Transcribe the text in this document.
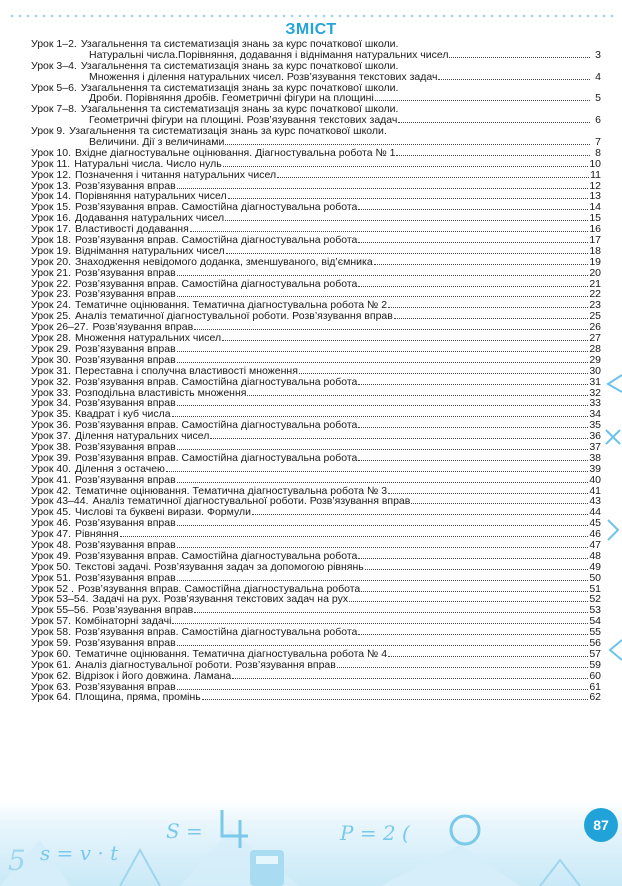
ЗМІСТ
Урок 1–2. Узагальнення та систематизація знань за курс початкової школи.
Натуральні числа.Порівняння, додавання і віднімання натуральних чисел	3
Урок 3–4. Узагальнення та систематизація знань за курс початкової школи.
Множення і ділення натуральних чисел. Розв’язування текстових задач	4
Урок 5–6. Узагальнення та систематизація знань за курс початкової школи.
Дроби. Порівняння дробів. Геометричні фігури на площині	5
Урок 7–8. Узагальнення та систематизація знань за курс початкової школи.
Геометричні фігури на площині. Розв’язування текстових задач	6
Урок 9. Узагальнення та систематизація знань за курс початкової школи.
Величини. Дії з величинами	7
Урок 10. Вхідне діагностувальне оцінювання. Діагностувальна робота № 1	8
Урок 11. Натуральні числа. Число нуль	10
Урок 12. Позначення і читання натуральних чисел	11
Урок 13. Розв’язування вправ	12
Урок 14. Порівняння натуральних чисел	13
Урок 15. Розв’язування вправ. Самостійна діагностувальна робота	14
Урок 16. Додавання натуральних чисел	15
Урок 17. Властивості додавання	16
Урок 18. Розв’язування вправ. Самостійна діагностувальна робота	17
Урок 19. Віднімання натуральних чисел	18
Урок 20. Знаходження невідомого доданка, зменшуваного, від’ємника	19
Урок 21. Розв’язування вправ	20
Урок 22. Розв’язування вправ. Самостійна діагностувальна робота	21
Урок 23. Розв’язування вправ	22
Урок 24. Тематичне оцінювання. Тематична діагностувальна робота № 2	23
Урок 25. Аналіз тематичної діагностувальної роботи. Розв’язування вправ	25
Урок 26–27. Розв’язування вправ	26
Урок 28. Множення натуральних чисел	27
Урок 29. Розв’язування вправ	28
Урок 30. Розв’язування вправ	29
Урок 31. Переставна і сполучна властивості множення	30
Урок 32. Розв’язування вправ. Самостійна діагностувальна робота	31
Урок 33. Розподільна властивість множення	32
Урок 34. Розв’язування вправ	33
Урок 35. Квадрат і куб числа	34
Урок 36. Розв’язування вправ. Самостійна діагностувальна робота	35
Урок 37. Ділення натуральних чисел	36
Урок 38. Розв’язування вправ	37
Урок 39. Розв’язування вправ. Самостійна діагностувальна робота	38
Урок 40. Ділення з остачею	39
Урок 41. Розв’язування вправ	40
Урок 42. Тематичне оцінювання. Тематична діагностувальна робота № 3	41
Урок 43–44. Аналіз тематичної діагностувальної роботи. Розв’язування вправ	43
Урок 45. Числові та буквені вирази. Формули	44
Урок 46. Розв’язування вправ	45
Урок 47. Рівняння	46
Урок 48. Розв’язування вправ	47
Урок 49. Розв’язування вправ. Самостійна діагностувальна робота	48
Урок 50. Текстові задачі. Розв’язування задач за допомогою рівнянь	49
Урок 51. Розв’язування вправ	50
Урок 52 . Розв’язування вправ. Самостійна діагностувальна робота	51
Урок 53–54. Задачі на рух. Розв’язування текстових задач на рух	52
Урок 55–56. Розв’язування вправ	53
Урок 57. Комбінаторні задачі	54
Урок 58. Розв’язування вправ. Самостійна діагностувальна робота	55
Урок 59. Розв’язування вправ	56
Урок 60. Тематичне оцінювання. Тематична діагностувальна робота № 4	57
Урок 61. Аналіз діагностувальної роботи. Розв’язування вправ	59
Урок 62. Відрізок і його довжина. Ламана	60
Урок 63. Розв’язування вправ	61
Урок 64. Площина, пряма, промінь	62
5 s = v · t
S =	P = 2 (	87
